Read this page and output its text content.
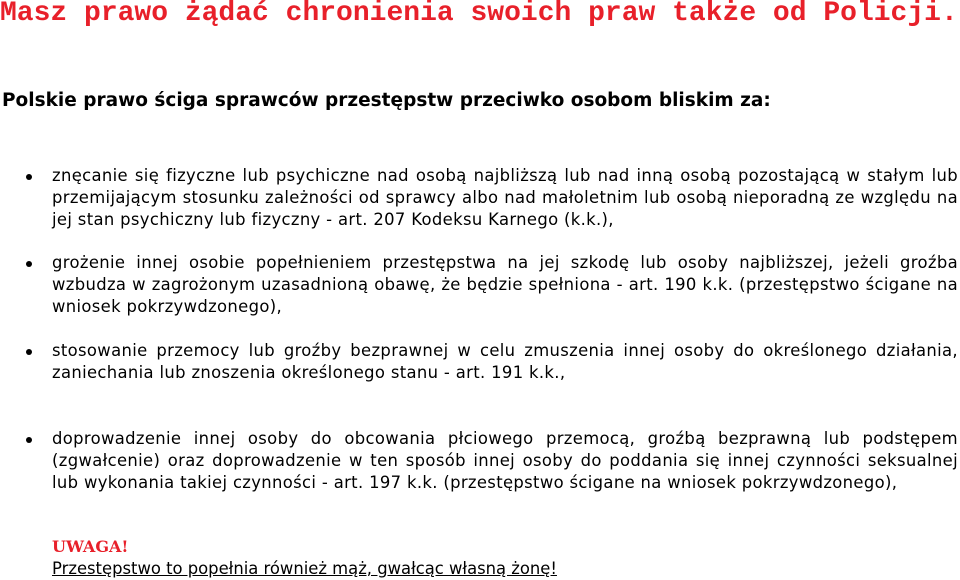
Masz prawo żądać chronienia swoich praw także od Policji.

Polskie prawo ściga sprawców przestępstw przeciwko osobom bliskim za:

znęcanie się fizyczne lub psychiczne nad osobą najbliższą lub nad inną osobą pozostającą w stałym lub przemijającym stosunku zależności od sprawcy albo nad małoletnim lub osobą nieporadną ze względu na jej stan psychiczny lub fizyczny - art. 207 Kodeksu Karnego (k.k.),

grożenie innej osobie popełnieniem przestępstwa na jej szkodę lub osoby najbliższej, jeżeli groźba wzbudza w zagrożonym uzasadnioną obawę, że będzie spełniona - art. 190 k.k. (przestępstwo ścigane na wniosek pokrzywdzonego),

stosowanie przemocy lub groźby bezprawnej w celu zmuszenia innej osoby do określonego działania, zaniechania lub znoszenia określonego stanu - art. 191 k.k.,

doprowadzenie innej osoby do obcowania płciowego przemocą, groźbą bezprawną lub podstępem (zgwałcenie) oraz doprowadzenie w ten sposób innej osoby do poddania się innej czynności seksualnej lub wykonania takiej czynności - art. 197 k.k. (przestępstwo ścigane na wniosek pokrzywdzonego),

UWAGA!

Przestępstwo to popełnia również mąż, gwałcąc własną żonę!
